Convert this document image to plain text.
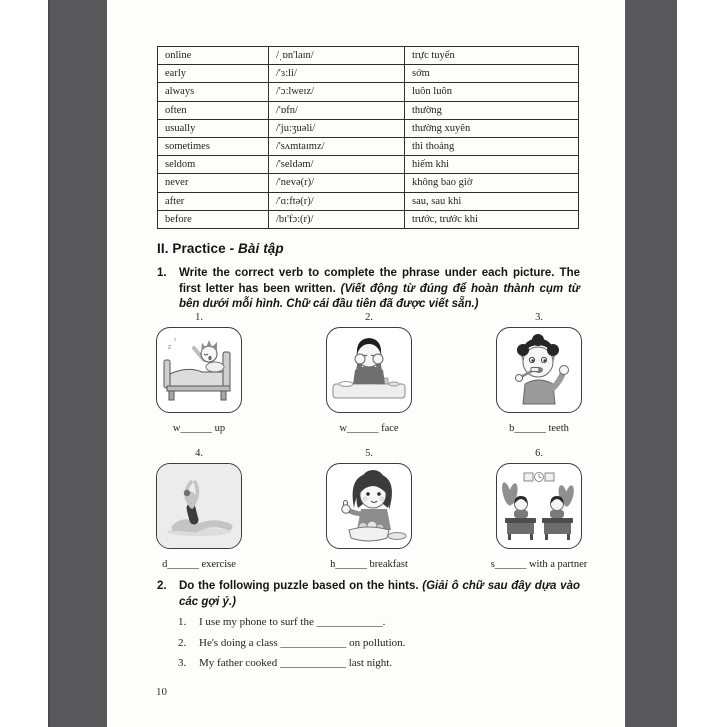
online	/ˌɒn'laɪn/	trực tuyến
early	/'ɜ:li/	sớm
always	/'ɔ:lweɪz/	luôn luôn
often	/'ɒfn/	thường
usually	/'ju:ʒuəli/	thường xuyên
sometimes	/'sʌmtaɪmz/	thi thoảng
seldom	/'seldəm/	hiếm khi
never	/'nevə(r)/	không bao giờ
after	/'ɑ:ftə(r)/	sau, sau khi
before	/bɪ'fɔ:(r)/	trước, trước khi
II. Practice - Bài tập
1.	Write the correct verb to complete the phrase under each picture. The first letter has been written. (Viết động từ đúng để hoàn thành cụm từ bên dưới mỗi hình. Chữ cái đầu tiên đã được viết sẵn.)
1.
z
z
w______ up
2.
w______ face
3.
b______ teeth
4.
d______ exercise
5.
h______ breakfast
6.
s______ with a partner
2.	Do the following puzzle based on the hints. (Giải ô chữ sau đây dựa vào các gợi ý.)
1.	I use my phone to surf the ____________.
2.	He's doing a class ____________ on pollution.
3.	My father cooked ____________ last night.
10
